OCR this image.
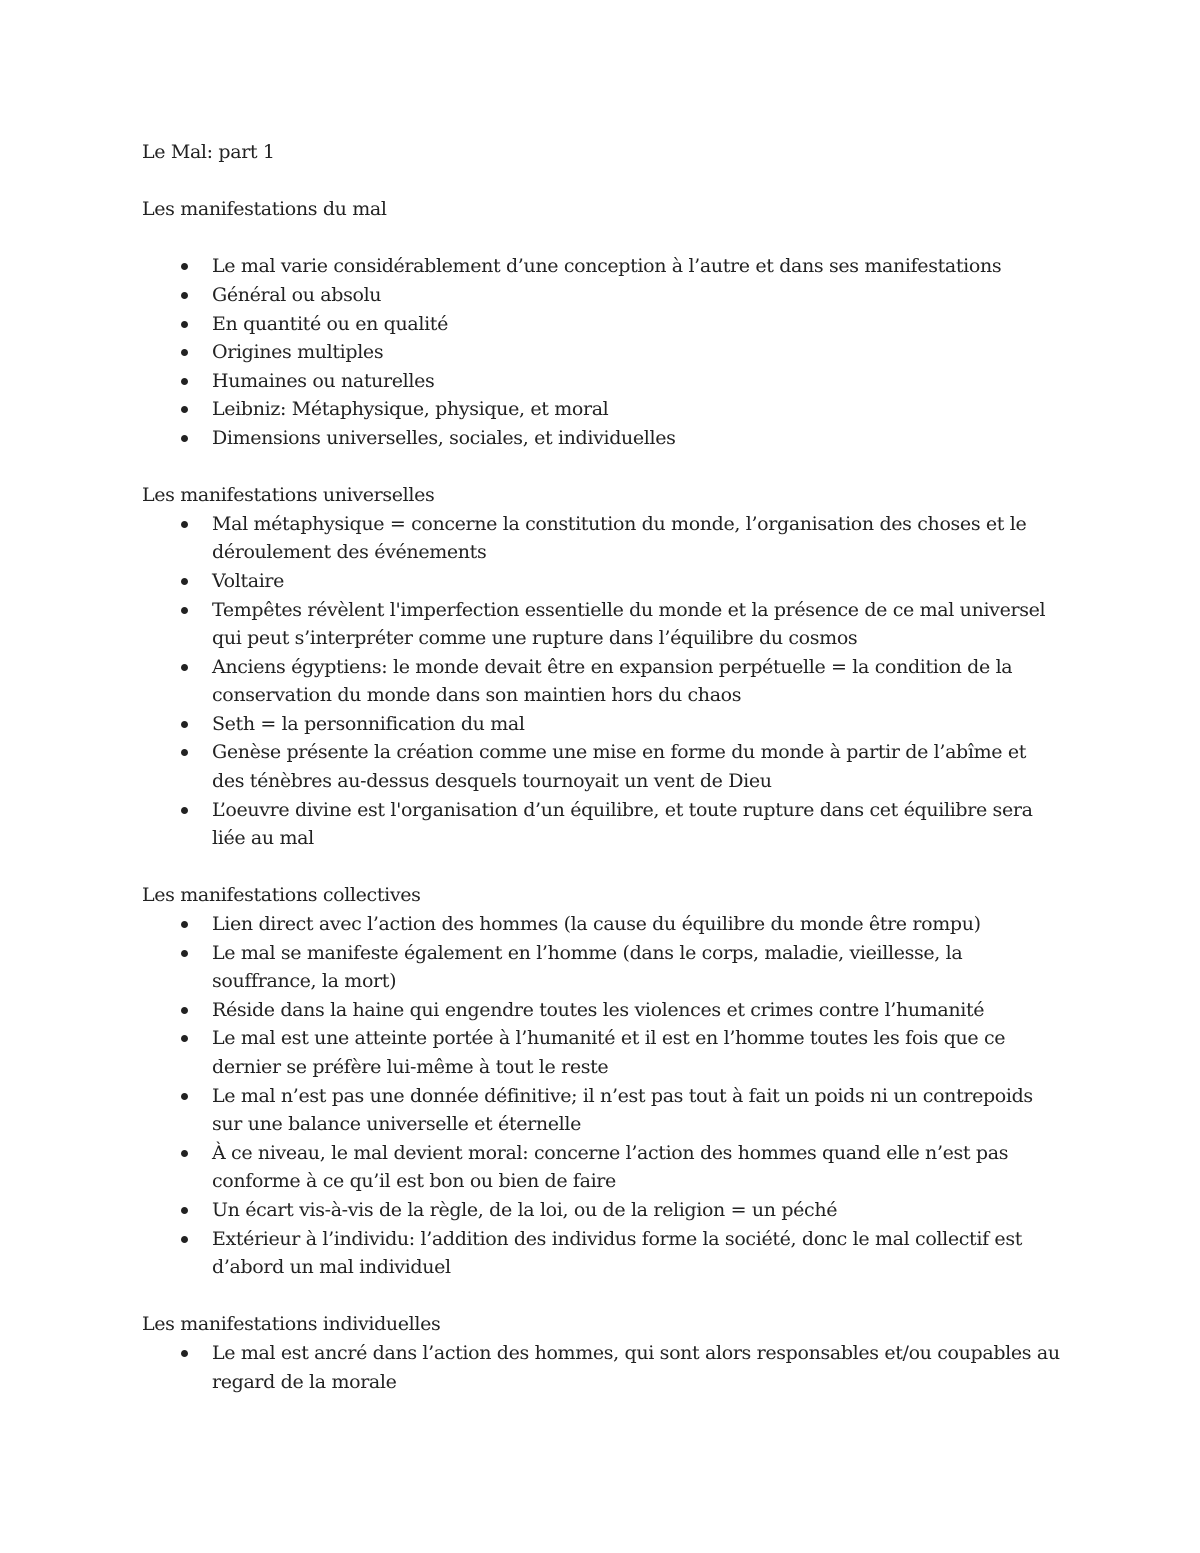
Le Mal: part 1

Les manifestations du mal

Le mal varie considérablement d’une conception à l’autre et dans ses manifestations
Général ou absolu
En quantité ou en qualité
Origines multiples
Humaines ou naturelles
Leibniz: Métaphysique, physique, et moral
Dimensions universelles, sociales, et individuelles

Les manifestations universelles

Mal métaphysique = concerne la constitution du monde, l’organisation des choses et le déroulement des événements
Voltaire
Tempêtes révèlent l'imperfection essentielle du monde et la présence de ce mal universel qui peut s’interpréter comme une rupture dans l’équilibre du cosmos
Anciens égyptiens: le monde devait être en expansion perpétuelle = la condition de la conservation du monde dans son maintien hors du chaos
Seth = la personnification du mal
Genèse présente la création comme une mise en forme du monde à partir de l’abîme et des ténèbres au-dessus desquels tournoyait un vent de Dieu
L’oeuvre divine est l'organisation d’un équilibre, et toute rupture dans cet équilibre sera liée au mal

Les manifestations collectives

Lien direct avec l’action des hommes (la cause du équilibre du monde être rompu)
Le mal se manifeste également en l’homme (dans le corps, maladie, vieillesse, la souffrance, la mort)
Réside dans la haine qui engendre toutes les violences et crimes contre l’humanité
Le mal est une atteinte portée à l’humanité et il est en l’homme toutes les fois que ce dernier se préfère lui-même à tout le reste
Le mal n’est pas une donnée définitive; il n’est pas tout à fait un poids ni un contrepoids sur une balance universelle et éternelle
À ce niveau, le mal devient moral: concerne l’action des hommes quand elle n’est pas conforme à ce qu’il est bon ou bien de faire
Un écart vis-à-vis de la règle, de la loi, ou de la religion = un péché
Extérieur à l’individu: l’addition des individus forme la société, donc le mal collectif est d’abord un mal individuel

Les manifestations individuelles

Le mal est ancré dans l’action des hommes, qui sont alors responsables et/ou coupables au regard de la morale
